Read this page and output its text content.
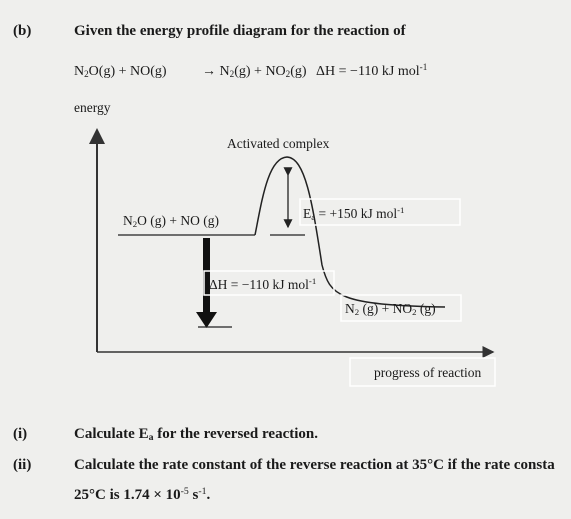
(b)	Given the energy profile diagram for the reaction of
$N_2O(g) + NO(g)$	→ $N_2(g) + NO_2(g) \Delta H = -110$ kJ mol$^{-1}$
energy
Activated complex
$N_2O$ (g) + NO (g)	$E_a = +150$ kJ mol$^{-1}$
ΔH = −110 kJ mol$^{-1}$
$N_2$ $(g) + NO_2$ (g)
progress of reaction
(i)	Calculate $E_a$ for the reversed reaction.
(ii)	Calculate the rate constant of the reverse reaction at 35°C if the rate consta
25°C is $1.74 \times 10^{-5}$ $s^{-1}$.
